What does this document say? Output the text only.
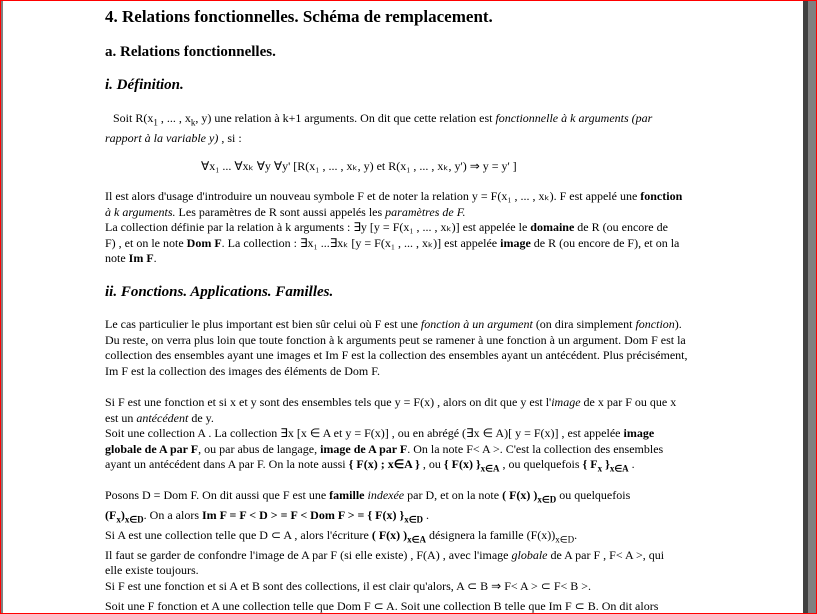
4. Relations fonctionnelles. Schéma de remplacement.
a. Relations fonctionnelles.
i. Définition.
Soit $R(x_1$ , ... , $x_k$, y) une relation à k+1 arguments. On dit que cette relation est fonctionnelle à k arguments (par
rapport à la variable y) , si :
∀x₁ ... ∀xₖ ∀y ∀y' [R(x₁ , ... , xₖ, y) et R(x₁ , ... , xₖ, y') ⇒ y = y' ]
Il est alors d'usage d'introduire un nouveau symbole F et de noter la relation y = F(x₁ , ... , xₖ). F est appelé une fonction
à k arguments. Les paramètres de R sont aussi appelés les paramètres de F.
La collection définie par la relation à k arguments : ∃y [y = F(x₁ , ... , xₖ)] est appelée le domaine de R (ou encore de
F) , et on le note Dom F. La collection : ∃x₁ ...∃xₖ [y = F(x₁ , ... , xₖ)] est appelée image de R (ou encore de F), et on la
note Im F.
ii. Fonctions. Applications. Familles.
Le cas particulier le plus important est bien sûr celui où F est une fonction à un argument (on dira simplement fonction).
Du reste, on verra plus loin que toute fonction à k arguments peut se ramener à une fonction à un argument. Dom F est la
collection des ensembles ayant une images et Im F est la collection des ensembles ayant un antécédent. Plus précisément,
Im F est la collection des images des éléments de Dom F.
Si F est une fonction et si x et y sont des ensembles tels que y = F(x) , alors on dit que y est l'image de x par F ou que x
est un antécédent de y.
Soit une collection A . La collection ∃x [x ∈ A et y = F(x)] , ou en abrégé (∃x ∈ A)[ y = F(x)] , est appelée image
globale de A par F, ou par abus de langage, image de A par F. On la note F< A >. C'est la collection des ensembles
ayant un antécédent dans A par F. On la note aussi { F(x) ; x∈A } , ou { F(x) }$_{x\in A}$ , ou quelquefois { $F_x$ }$_{x\in A}$ .
Posons D = Dom F. On dit aussi que F est une famille indexée par D, et on la note ( F(x) )$_{x\in D}$ ou quelquefois
$(F_x)_{x\in D}$. On a alors Im F = F < D > = F < Dom F > = { F(x) }$_{x\in D}$ .
Si A est une collection telle que D ⊂ A , alors l'écriture ( F(x) )$_{x\in A}$ désignera la famille $(F(x))_{x\in D}$.
Il faut se garder de confondre l'image de A par F (si elle existe) , F(A) , avec l'image globale de A par F , F< A >, qui
elle existe toujours.
Si F est une fonction et si A et B sont des collections, il est clair qu'alors, A ⊂ B ⇒ F< A > ⊂ F< B >.
Soit une F fonction et A une collection telle que Dom F ⊂ A. Soit une collection B telle que Im F ⊂ B. On dit alors
